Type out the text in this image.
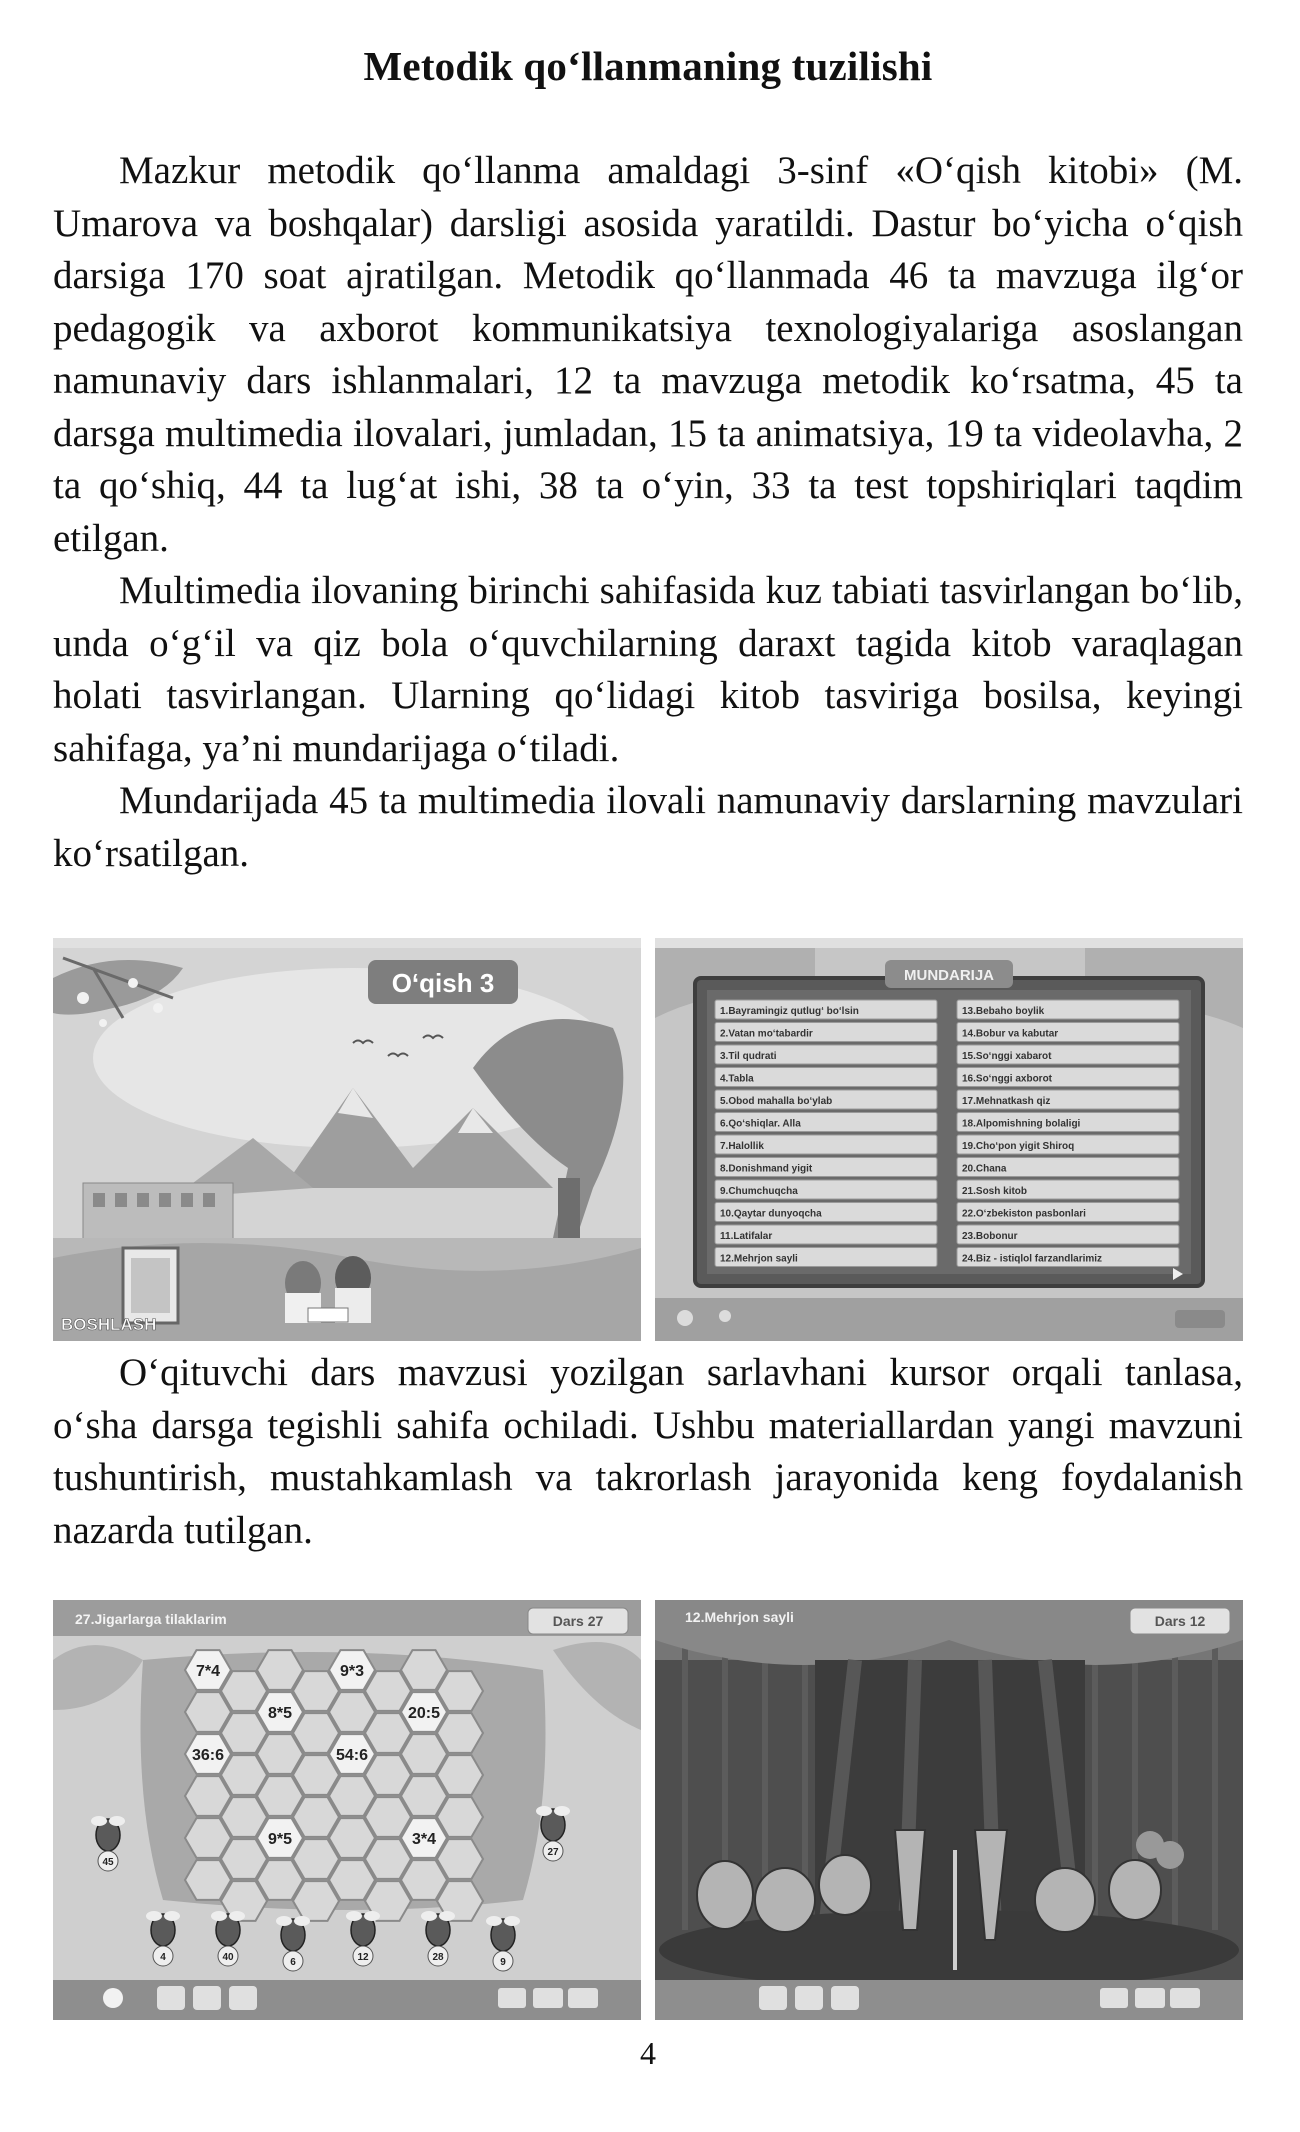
Metodik qo‘llanmaning tuzilishi

Mazkur metodik qo‘llanma amaldagi 3-sinf «O‘qish kitobi» (M. Umarova va boshqalar) darsligi asosida yaratildi. Dastur bo‘yicha o‘qish darsiga 170 soat ajratilgan. Metodik qo‘llanmada 46 ta mavzuga ilg‘or pedagogik va axborot kommunikatsiya texnologiyalariga asoslangan namunaviy dars ishlanmalari, 12 ta mavzuga metodik ko‘rsatma, 45 ta darsga multimedia ilovalari, jumladan, 15 ta animatsiya, 19 ta videolavha, 2 ta qo‘shiq, 44 ta lug‘at ishi, 38 ta o‘yin, 33 ta test topshiriqlari taqdim etilgan.

Multimedia ilovaning birinchi sahifasida kuz tabiati tasvirlangan bo‘lib, unda o‘g‘il va qiz bola o‘quvchilarning daraxt tagida kitob varaqlagan holati tasvirlangan. Ularning qo‘lidagi kitob tasviriga bosilsa, keyingi sahifaga, ya’ni mundarijaga o‘tiladi.

Mundarijada 45 ta multimedia ilovali namunaviy darslarning mavzulari ko‘rsatilgan.

O‘qish 3
BOSHLASH
MUNDARIJA
1.Bayramingiz qutlug‘ bo‘lsin
2.Vatan mo‘tabardir
3.Til qudrati
4.Tabla
5.Obod mahalla bo‘ylab
6.Qo‘shiqlar. Alla
7.Halollik
8.Donishmand yigit
9.Chumchuqcha
10.Qaytar dunyoqcha
11.Latifalar
12.Mehrjon sayli
13.Bebaho boylik
14.Bobur va kabutar
15.So‘nggi xabarot
16.So‘nggi axborot
17.Mehnatkash qiz
18.Alpomishning bolaligi
19.Cho‘pon yigit Shiroq
20.Chana
21.Sosh kitob
22.O‘zbekiston pasbonlari
23.Bobonur
24.Biz - istiqlol farzandlarimiz

O‘qituvchi dars mavzusi yozilgan sarlavhani kursor orqali tanlasa, o‘sha darsga tegishli sahifa ochiladi. Ushbu materiallardan yangi mavzuni tushuntirish, mustahkamlash va takrorlash jarayonida keng foydalanish nazarda tutilgan.

27.Jigarlarga tilaklarim	Dars 27
7*4
36:6
8*5
9*5
9*3
54:6
20:5
3*4
45
4	40	6	12	28	9
27
12.Mehrjon sayli	Dars 12
4
